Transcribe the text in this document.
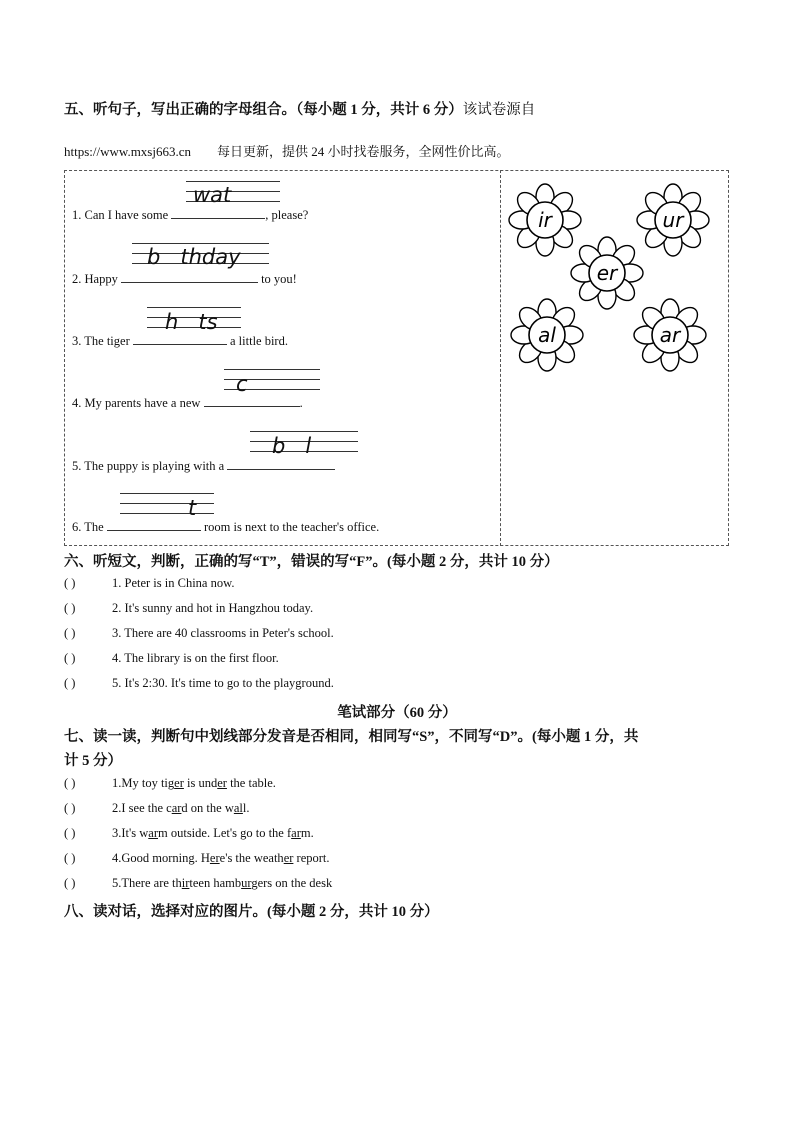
五、听句子，写出正确的字母组合。（每小题 1 分，共计 6 分）该试卷源自
https://www.mxsj663.cn 每日更新，提供 24 小时找卷服务，全网性价比高。
wat
1. Can I have some	, please?
b   thday
2. Happy	to you!
h   ts
3. The tiger	a little bird.
c
4. My parents have a new	.
b   l
5. The puppy is playing with a
t
6. The	room is next to the teacher's office.
ir	ur
er
al	ar
六、听短文，判断，正确的写“T”，错误的写“F”。(每小题 2 分，共计 10 分）
( )	1. Peter is in China now.
( )	2. It's sunny and hot in Hangzhou today.
( )	3. There are 40 classrooms in Peter's school.
( )	4. The library is on the first floor.
( )	5. It's 2:30. It's time to go to the playground.
笔试部分（60 分）
七、读一读，判断句中划线部分发音是否相同，相同写“S”，不同写“D”。(每小题 1 分，共
计 5 分）
( )	1.My toy tiger is under the table.
( )	2.I see the card on the wall.
( )	3.It's warm outside. Let's go to the farm.
( )	4.Good morning. Here's the weather report.
( )	5.There are thirteen hamburgers on the desk
八、读对话，选择对应的图片。(每小题 2 分，共计 10 分）
